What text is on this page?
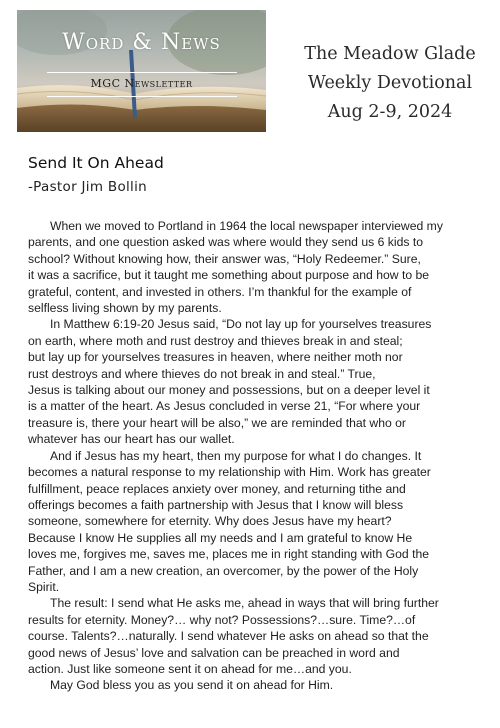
Word & News
MGC Newsletter
The Meadow Glade
Weekly Devotional
Aug 2-9, 2024
Send It On Ahead
-Pastor Jim Bollin
When we moved to Portland in 1964 the local newspaper interviewed my
parents, and one question asked was where would they send us 6 kids to
school? Without knowing how, their answer was, “Holy Redeemer.” Sure,
it was a sacrifice, but it taught me something about purpose and how to be
grateful, content, and invested in others. I’m thankful for the example of
selfless living shown by my parents.
In Matthew 6:19-20 Jesus said, “Do not lay up for yourselves treasures
on earth, where moth and rust destroy and thieves break in and steal;
but lay up for yourselves treasures in heaven, where neither moth nor
rust destroys and where thieves do not break in and steal.” True,
Jesus is talking about our money and possessions, but on a deeper level it
is a matter of the heart. As Jesus concluded in verse 21, “For where your
treasure is, there your heart will be also,” we are reminded that who or
whatever has our heart has our wallet.
And if Jesus has my heart, then my purpose for what I do changes. It
becomes a natural response to my relationship with Him. Work has greater
fulfillment, peace replaces anxiety over money, and returning tithe and
offerings becomes a faith partnership with Jesus that I know will bless
someone, somewhere for eternity. Why does Jesus have my heart?
Because I know He supplies all my needs and I am grateful to know He
loves me, forgives me, saves me, places me in right standing with God the
Father, and I am a new creation, an overcomer, by the power of the Holy
Spirit.
The result: I send what He asks me, ahead in ways that will bring further
results for eternity. Money?… why not? Possessions?…sure. Time?…of
course. Talents?…naturally. I send whatever He asks on ahead so that the
good news of Jesus’ love and salvation can be preached in word and
action. Just like someone sent it on ahead for me…and you.
May God bless you as you send it on ahead for Him.
